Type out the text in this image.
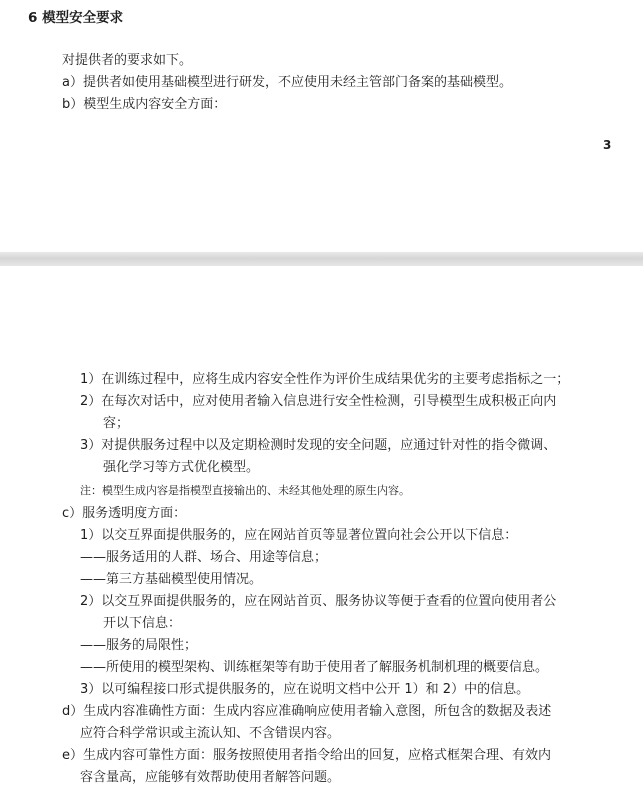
6 模型安全要求
对提供者的要求如下。
a）提供者如使用基础模型进行研发，不应使用未经主管部门备案的基础模型。
b）模型生成内容安全方面：
3
1）在训练过程中，应将生成内容安全性作为评价生成结果优劣的主要考虑指标之一；
2）在每次对话中，应对使用者输入信息进行安全性检测，引导模型生成积极正向内
容；
3）对提供服务过程中以及定期检测时发现的安全问题，应通过针对性的指令微调、
强化学习等方式优化模型。
注：模型生成内容是指模型直接输出的、未经其他处理的原生内容。
c）服务透明度方面：
1）以交互界面提供服务的，应在网站首页等显著位置向社会公开以下信息：
——服务适用的人群、场合、用途等信息；
——第三方基础模型使用情况。
2）以交互界面提供服务的，应在网站首页、服务协议等便于查看的位置向使用者公
开以下信息：
——服务的局限性；
——所使用的模型架构、训练框架等有助于使用者了解服务机制机理的概要信息。
3）以可编程接口形式提供服务的，应在说明文档中公开 1）和 2）中的信息。
d）生成内容准确性方面：生成内容应准确响应使用者输入意图，所包含的数据及表述
应符合科学常识或主流认知、不含错误内容。
e）生成内容可靠性方面：服务按照使用者指令给出的回复，应格式框架合理、有效内
容含量高，应能够有效帮助使用者解答问题。
